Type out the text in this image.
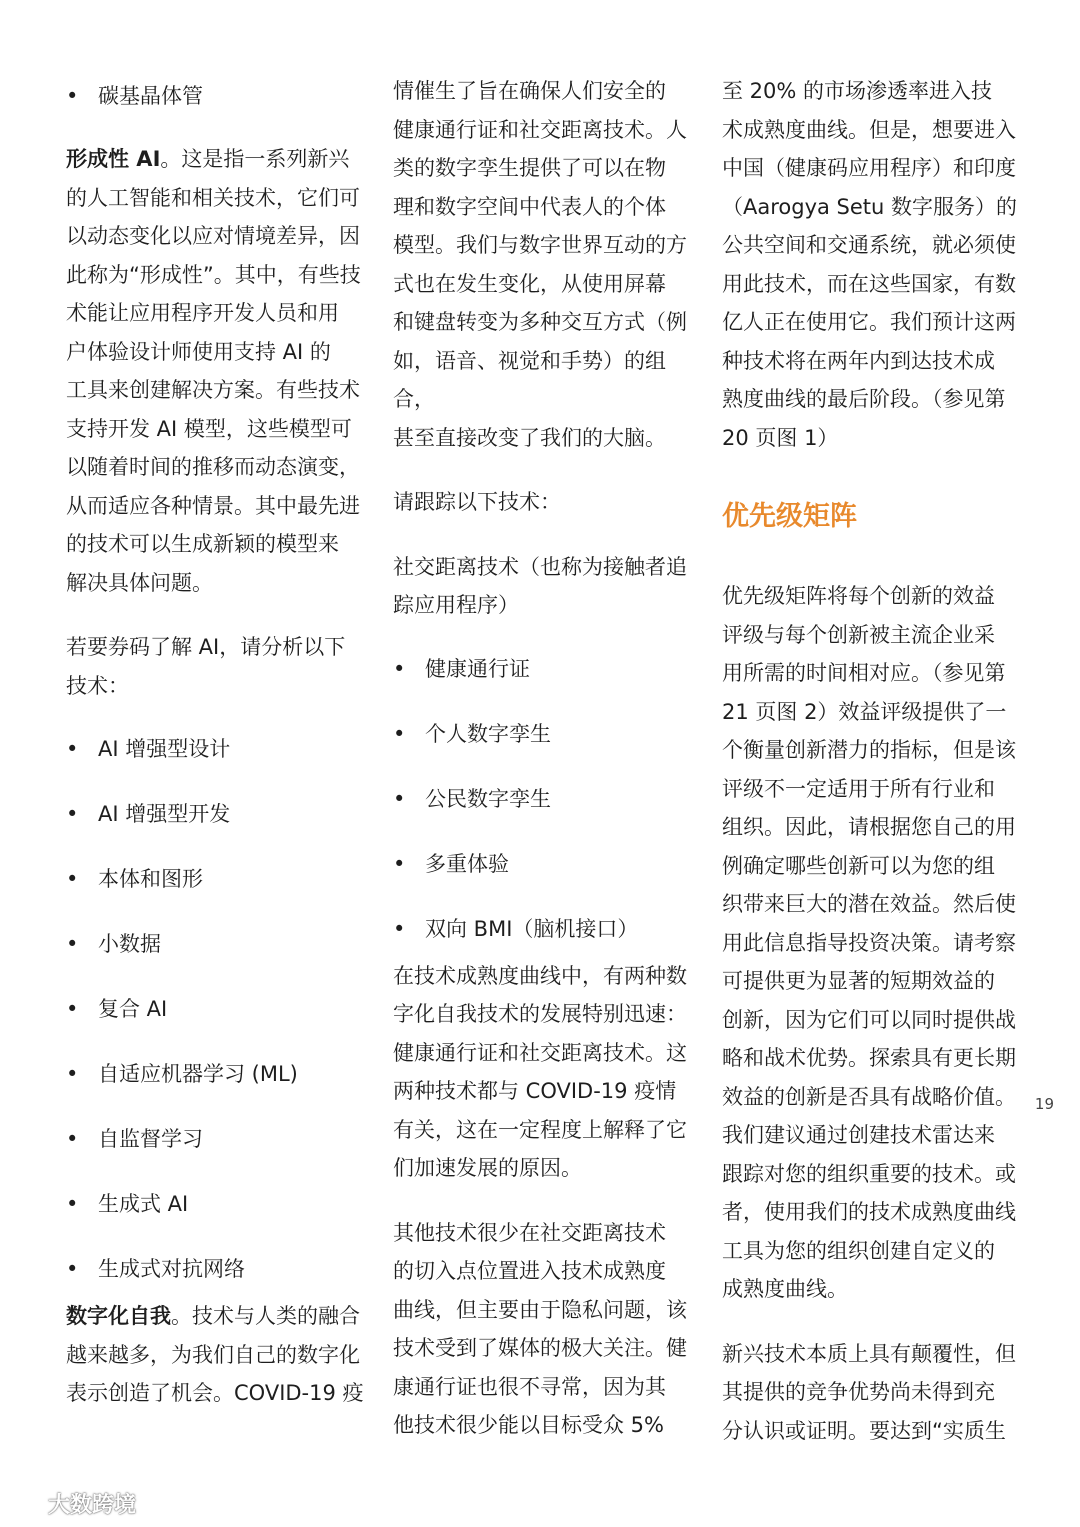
• 碳基晶体管

形成性 AI。这是指一系列新兴
的人工智能和相关技术，它们可
以动态变化以应对情境差异，因
此称为“形成性”。其中，有些技
术能让应用程序开发人员和用
户体验设计师使用支持 AI 的
工具来创建解决方案。有些技术
支持开发 AI 模型，这些模型可
以随着时间的推移而动态演变，
从而适应各种情景。其中最先进
的技术可以生成新颖的模型来
解决具体问题。

若要券码了解 AI，请分析以下
技术：

• AI 增强型设计
• AI 增强型开发
• 本体和图形
• 小数据
• 复合 AI
• 自适应机器学习 (ML)
• 自监督学习
• 生成式 AI
• 生成式对抗网络

数字化自我。技术与人类的融合
越来越多，为我们自己的数字化
表示创造了机会。COVID-19 疫

情催生了旨在确保人们安全的
健康通行证和社交距离技术。人
类的数字孪生提供了可以在物
理和数字空间中代表人的个体
模型。我们与数字世界互动的方
式也在发生变化，从使用屏幕
和键盘转变为多种交互方式（例
如，语音、视觉和手势）的组合，
甚至直接改变了我们的大脑。

请跟踪以下技术：

社交距离技术（也称为接触者追
踪应用程序）

• 健康通行证
• 个人数字孪生
• 公民数字孪生
• 多重体验
• 双向 BMI（脑机接口）

在技术成熟度曲线中，有两种数
字化自我技术的发展特别迅速：
健康通行证和社交距离技术。这
两种技术都与 COVID-19 疫情
有关，这在一定程度上解释了它
们加速发展的原因。

其他技术很少在社交距离技术
的切入点位置进入技术成熟度
曲线，但主要由于隐私问题，该
技术受到了媒体的极大关注。健
康通行证也很不寻常，因为其
他技术很少能以目标受众 5%

至 20% 的市场渗透率进入技
术成熟度曲线。但是，想要进入
中国（健康码应用程序）和印度
（Aarogya Setu 数字服务）的
公共空间和交通系统，就必须使
用此技术，而在这些国家，有数
亿人正在使用它。我们预计这两
种技术将在两年内到达技术成
熟度曲线的最后阶段。（参见第
20 页图 1）

优先级矩阵

优先级矩阵将每个创新的效益
评级与每个创新被主流企业采
用所需的时间相对应。（参见第
21 页图 2）效益评级提供了一
个衡量创新潜力的指标，但是该
评级不一定适用于所有行业和
组织。因此，请根据您自己的用
例确定哪些创新可以为您的组
织带来巨大的潜在效益。然后使
用此信息指导投资决策。请考察
可提供更为显著的短期效益的
创新，因为它们可以同时提供战
略和战术优势。探索具有更长期
效益的创新是否具有战略价值。
我们建议通过创建技术雷达来
跟踪对您的组织重要的技术。或
者，使用我们的技术成熟度曲线
工具为您的组织创建自定义的
成熟度曲线。

新兴技术本质上具有颠覆性，但
其提供的竞争优势尚未得到充
分认识或证明。要达到“实质生

19
大数跨境
